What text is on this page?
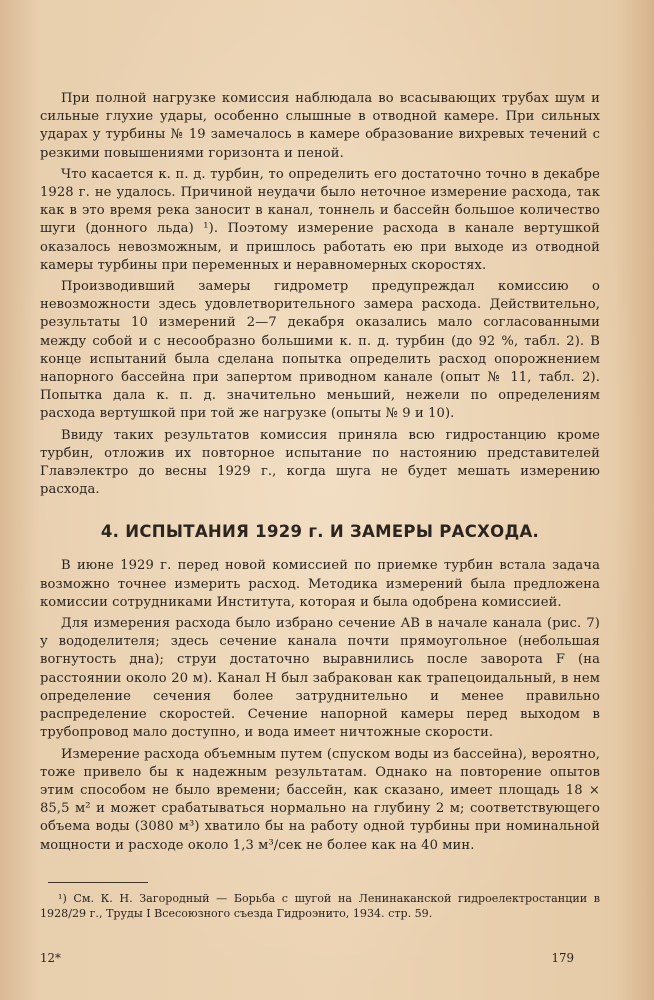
При полной нагрузке комиссия наблюдала во всасывающих трубах шум и сильные глухие удары, особенно слышные в отводной камере. При сильных ударах у турбины № 19 замечалось в камере образование вихревых течений с резкими повышениями горизонта и пеной.

Что касается к. п. д. турбин, то определить его достаточно точно в декабре 1928 г. не удалось. Причиной неудачи было неточное измерение расхода, так как в это время река заносит в канал, тоннель и бассейн большое количество шуги (донного льда) ¹). Поэтому измерение расхода в канале вертушкой оказалось невозможным, и пришлось работать ею при выходе из отводной камеры турбины при переменных и неравномерных скоростях.

Производивший замеры гидрометр предупреждал комиссию о невозможности здесь удовлетворительного замера расхода. Действительно, результаты 10 измерений 2—7 декабря оказались мало согласованными между собой и с несообразно большими к. п. д. турбин (до 92 %, табл. 2). В конце испытаний была сделана попытка определить расход опорожнением напорного бассейна при запертом приводном канале (опыт № 11, табл. 2). Попытка дала к. п. д. значительно меньший, нежели по определениям расхода вертушкой при той же нагрузке (опыты № 9 и 10).

Ввиду таких результатов комиссия приняла всю гидростанцию кроме турбин, отложив их повторное испытание по настоянию представителей Главэлектро до весны 1929 г., когда шуга не будет мешать измерению расхода.

4. ИСПЫТАНИЯ 1929 г. И ЗАМЕРЫ РАСХОДА.

В июне 1929 г. перед новой комиссией по приемке турбин встала задача возможно точнее измерить расход. Методика измерений была предложена комиссии сотрудниками Института, которая и была одобрена комиссией.

Для измерения расхода было избрано сечение AB в начале канала (рис. 7) у вододелителя; здесь сечение канала почти прямоугольное (небольшая вогнутость дна); струи достаточно выравнились после заворота F (на расстоянии около 20 м). Канал H был забракован как трапецоидальный, в нем определение сечения более затруднительно и менее правильно распределение скоростей. Сечение напорной камеры перед выходом в трубопровод мало доступно, и вода имеет ничтожные скорости.

Измерение расхода объемным путем (спуском воды из бассейна), вероятно, тоже привело бы к надежным результатам. Однако на повторение опытов этим способом не было времени; бассейн, как сказано, имеет площадь 18 × 85,5 м² и может срабатываться нормально на глубину 2 м; соответствующего объема воды (3080 м³) хватило бы на работу одной турбины при номинальной мощности и расходе около 1,3 м³/сек не более как на 40 мин.

¹) См. К. Н. Загородный — Борьба с шугой на Ленинаканской гидроелектростанции в 1928/29 г., Труды I Всесоюзного съезда Гидроэнито, 1934. стр. 59.

12*	179
